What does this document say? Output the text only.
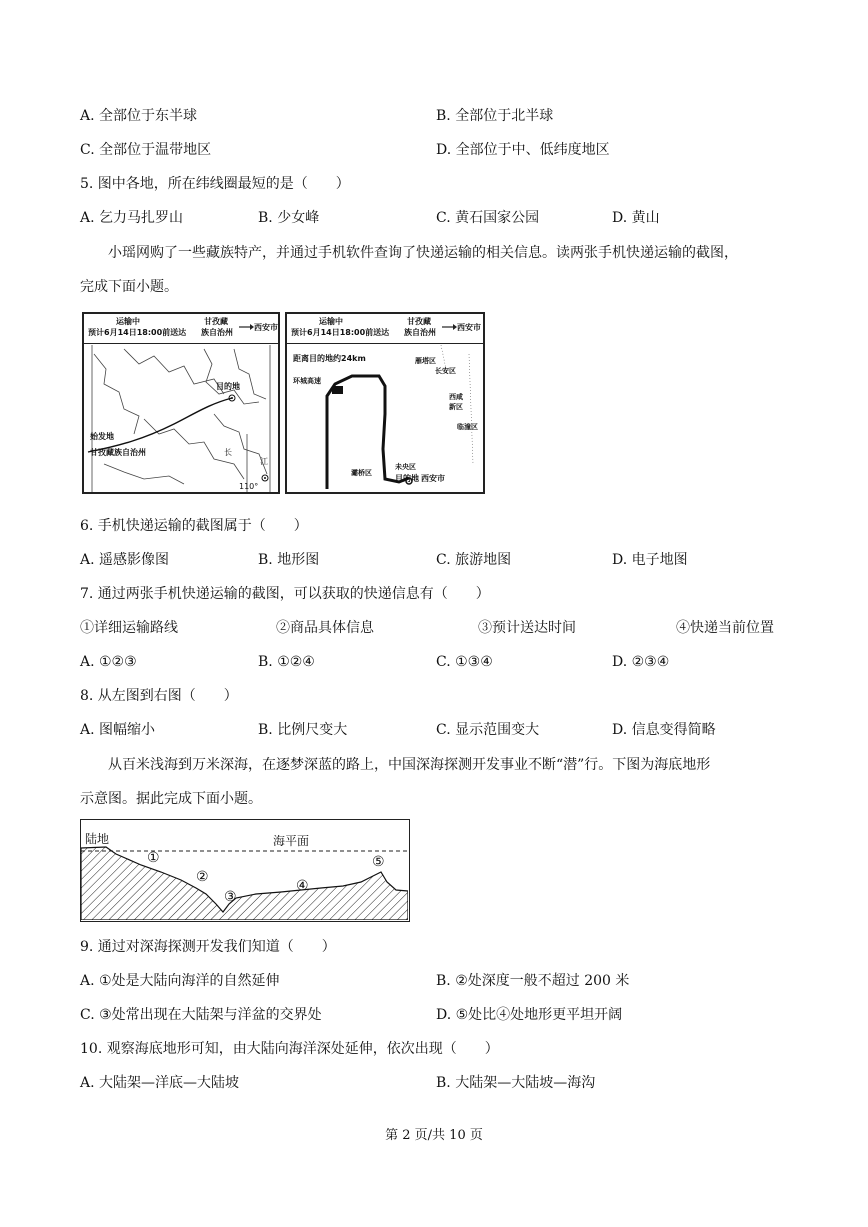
A. 全部位于东半球	B. 全部位于北半球
C. 全部位于温带地区	D. 全部位于中、低纬度地区
5. 图中各地，所在纬线圈最短的是（　　）
A. 乞力马扎罗山	B. 少女峰	C. 黄石国家公园	D. 黄山
小瑶网购了一些藏族特产，并通过手机软件查询了快递运输的相关信息。读两张手机快递运输的截图，
完成下面小题。
运输中
预计6月14日18:00前送达
甘孜藏
族自治州
西安市
目的地
始发地
甘孜藏族自治州	长
江
110°
运输中
预计6月14日18:00前送达
甘孜藏
族自治州
西安市
距离目的地约24km
环城高速
未央区
灞桥区
雁塔区
目的地 西安市
长安区
西咸
新区
临潼区
6. 手机快递运输的截图属于（　　）
A. 遥感影像图	B. 地形图	C. 旅游地图	D. 电子地图
7. 通过两张手机快递运输的截图，可以获取的快递信息有（　　）
①详细运输路线	②商品具体信息	③预计送达时间	④快递当前位置
A. ①②③	B. ①②④	C. ①③④	D. ②③④
8. 从左图到右图（　　）
A. 图幅缩小	B. 比例尺变大	C. 显示范围变大	D. 信息变得简略
从百米浅海到万米深海，在逐梦深蓝的路上，中国深海探测开发事业不断“潜”行。下图为海底地形
示意图。据此完成下面小题。
陆地	海平面
①
②
③
④
⑤
9. 通过对深海探测开发我们知道（　　）
A. ①处是大陆向海洋的自然延伸	B. ②处深度一般不超过 200 米
C. ③处常出现在大陆架与洋盆的交界处	D. ⑤处比④处地形更平坦开阔
10. 观察海底地形可知，由大陆向海洋深处延伸，依次出现（　　）
A. 大陆架—洋底—大陆坡	B. 大陆架—大陆坡—海沟
第 2 页/共 10 页
